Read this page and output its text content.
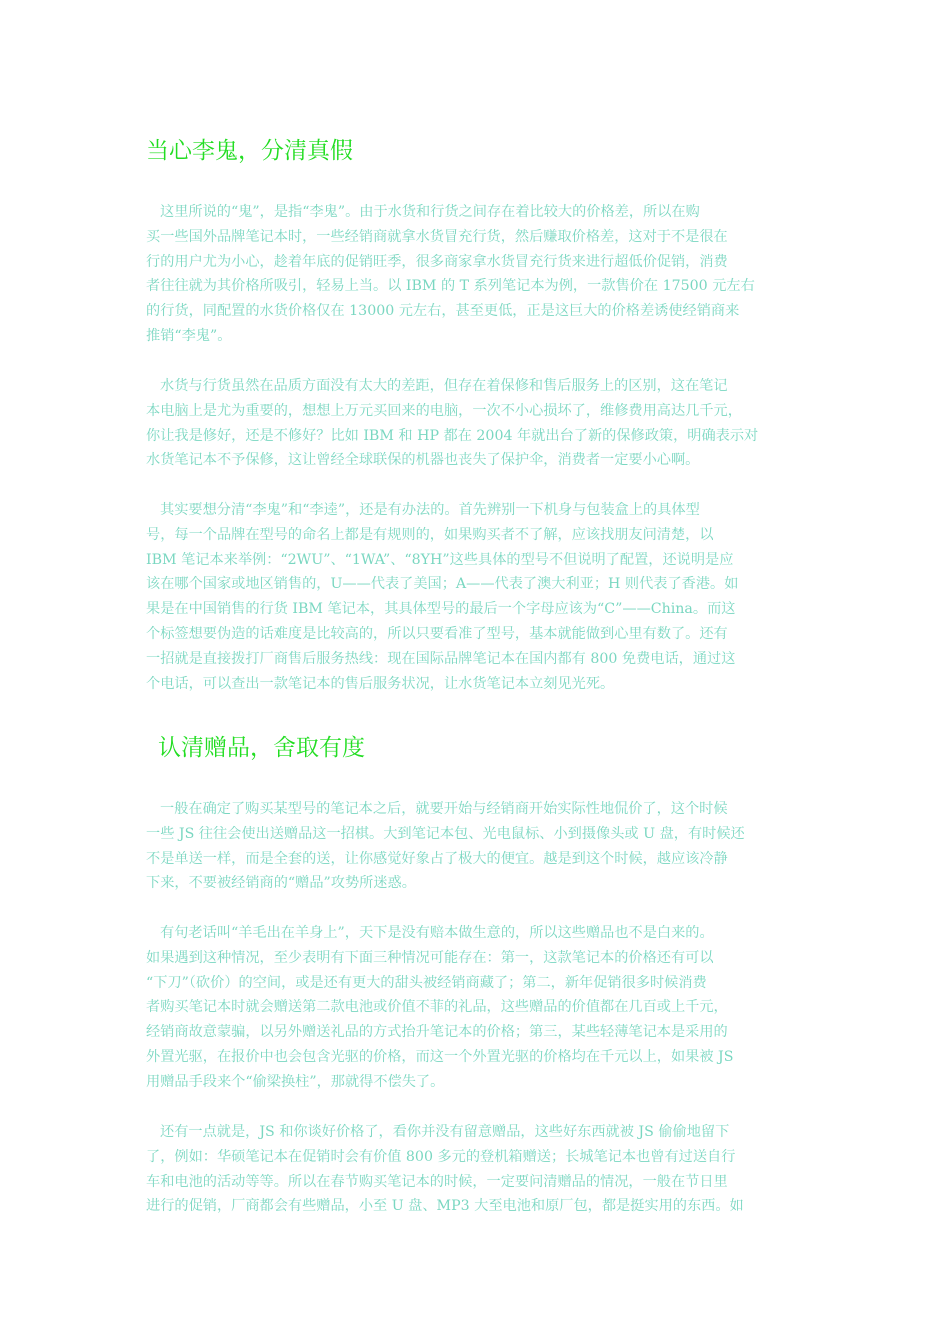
当心李鬼，分清真假
这里所说的“鬼”，是指“李鬼”。由于水货和行货之间存在着比较大的价格差，所以在购
买一些国外品牌笔记本时，一些经销商就拿水货冒充行货，然后赚取价格差，这对于不是很在
行的用户尤为小心，趁着年底的促销旺季，很多商家拿水货冒充行货来进行超低价促销，消费
者往往就为其价格所吸引，轻易上当。以 IBM 的 T 系列笔记本为例，一款售价在 17500 元左右
的行货，同配置的水货价格仅在 13000 元左右，甚至更低，正是这巨大的价格差诱使经销商来
推销“李鬼”。
水货与行货虽然在品质方面没有太大的差距，但存在着保修和售后服务上的区别，这在笔记
本电脑上是尤为重要的，想想上万元买回来的电脑，一次不小心损坏了，维修费用高达几千元，
你让我是修好，还是不修好？比如 IBM 和 HP 都在 2004 年就出台了新的保修政策，明确表示对
水货笔记本不予保修，这让曾经全球联保的机器也丧失了保护伞，消费者一定要小心啊。
其实要想分清“李鬼”和“李逵”，还是有办法的。首先辨别一下机身与包装盒上的具体型
号，每一个品牌在型号的命名上都是有规则的，如果购买者不了解，应该找朋友问清楚，以
IBM 笔记本来举例：“2WU”、“1WA”、“8YH”这些具体的型号不但说明了配置，还说明是应
该在哪个国家或地区销售的，U——代表了美国；A——代表了澳大利亚；H 则代表了香港。如
果是在中国销售的行货 IBM 笔记本，其具体型号的最后一个字母应该为“C”——China。而这
个标签想要伪造的话难度是比较高的，所以只要看准了型号，基本就能做到心里有数了。还有
一招就是直接拨打厂商售后服务热线：现在国际品牌笔记本在国内都有 800 免费电话，通过这
个电话，可以查出一款笔记本的售后服务状况，让水货笔记本立刻见光死。
认清赠品，舍取有度
一般在确定了购买某型号的笔记本之后，就要开始与经销商开始实际性地侃价了，这个时候
一些 JS 往往会使出送赠品这一招棋。大到笔记本包、光电鼠标、小到摄像头或 U 盘，有时候还
不是单送一样，而是全套的送，让你感觉好象占了极大的便宜。越是到这个时候，越应该冷静
下来，不要被经销商的“赠品”攻势所迷惑。
有句老话叫“羊毛出在羊身上”，天下是没有赔本做生意的，所以这些赠品也不是白来的。
如果遇到这种情况，至少表明有下面三种情况可能存在：第一，这款笔记本的价格还有可以
“下刀”（砍价）的空间，或是还有更大的甜头被经销商藏了；第二，新年促销很多时候消费
者购买笔记本时就会赠送第二款电池或价值不菲的礼品，这些赠品的价值都在几百或上千元，
经销商故意蒙骗，以另外赠送礼品的方式抬升笔记本的价格；第三，某些轻薄笔记本是采用的
外置光驱，在报价中也会包含光驱的价格，而这一个外置光驱的价格均在千元以上，如果被 JS
用赠品手段来个“偷梁换柱”，那就得不偿失了。
还有一点就是，JS 和你谈好价格了，看你并没有留意赠品，这些好东西就被 JS 偷偷地留下
了，例如：华硕笔记本在促销时会有价值 800 多元的登机箱赠送；长城笔记本也曾有过送自行
车和电池的活动等等。所以在春节购买笔记本的时候，一定要问清赠品的情况，一般在节日里
进行的促销，厂商都会有些赠品，小至 U 盘、MP3 大至电池和原厂包，都是挺实用的东西。如
